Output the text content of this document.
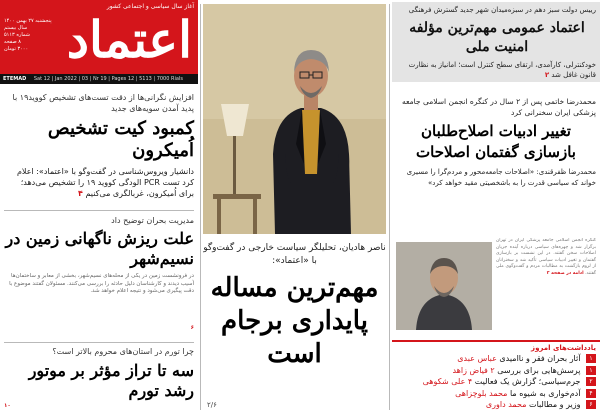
آغاز سال سیاسی و اجتماعی کشور
اعتماد
پنجشنبه ۲۷ بهمن ۱۴۰۰
سال بیستم
شماره ۵۱۱۳
۸ صفحه
۳۰۰۰ تومان
ETEMAD Sat 12 | Jan 2022 | 03 | Nr 19 | Pages 12 | 5113 | 7000 Rials
افزایش نگرانی‌ها از دقت تست‌های تشخیص کووید۱۹ با پدید آمدن سویه‌های جدید
کمبود کیت تشخیص اُمیکرون
دانشیار ویروس‌شناسی در گفت‌وگو با «اعتماد»: اعلام کرد تست PCR الودگی کووید ۱۹ را تشخیص می‌دهد؛ برای اُمیکرون، غربالگری می‌کنیم ۴
مدیریت بحران توضیح داد
علت ریزش ناگهانی زمین در نسیم‌شهر
در فرونشست زمین در یکی از محله‌های نسیم‌شهر، بخشی از معابر و ساختمان‌ها آسیب دیدند و کارشناسان دلیل حادثه را بررسی می‌کنند. مسئولان گفتند موضوع با دقت پیگیری می‌شود و نتیجه اعلام خواهد شد.
۶
چرا تورم در استان‌های محروم بالاتر است؟
سه تا تراز مؤثر بر موتور رشد تورم
۱۰
ناصر هادیان، تحلیلگر سیاست خارجی در گفت‌وگو با «اعتماد»:
مهم‌ترین مساله پایداری برجام است
۲/۶
رییس دولت سبز دهم در سبزه‌میدان شهر جدید گسترش فرهنگی
اعتماد عمومی مهم‌ترین مؤلفه امنیت ملی
خودکنترلی، کارآمدی، ارتقای سطح کنترل است؛ امانیاز به نظارت قانون غافل شد ۲
محمدرضا خاتمی پس از ۲ سال در کنگره انجمن اسلامی جامعه پزشکی ایران سخنرانی کرد
تغییر ادبیات اصلاح‌طلبان بازسازی گفتمان اصلاحات
محمدرضا ظفرقندی: «اصلاحات جامعه‌محور و مردم‌گرا را مسیری خواند که سیاسی قدرت را به باشخصیتی مقید خواهد کرد»
کنگره انجمن اسلامی جامعه پزشکی ایران در تهران برگزار شد و چهره‌های سیاسی درباره آینده جریان اصلاحات سخن گفتند. در این نشست بر بازسازی گفتمان و تغییر ادبیات سیاسی تأکید شد و سخنرانان از لزوم بازگشت به مطالبات مردم و گفت‌وگوی ملی گفتند. ادامه در صفحه ۲
یادداشت‌های امروز
۱ آثار بحران فقر و ناامیدی عباس عبدی
۱ پرسش‌هایی برای بررسی ۲ فیاض زاهد
۲ جرم‌سیاسی؛ گزارش یک فعالیت ۴ علی شکوهی
۴ آدم‌خواری ‌به شیوه ما محمد بلوچزاهی
۶ وزیر و مطالبات محمد داوری
